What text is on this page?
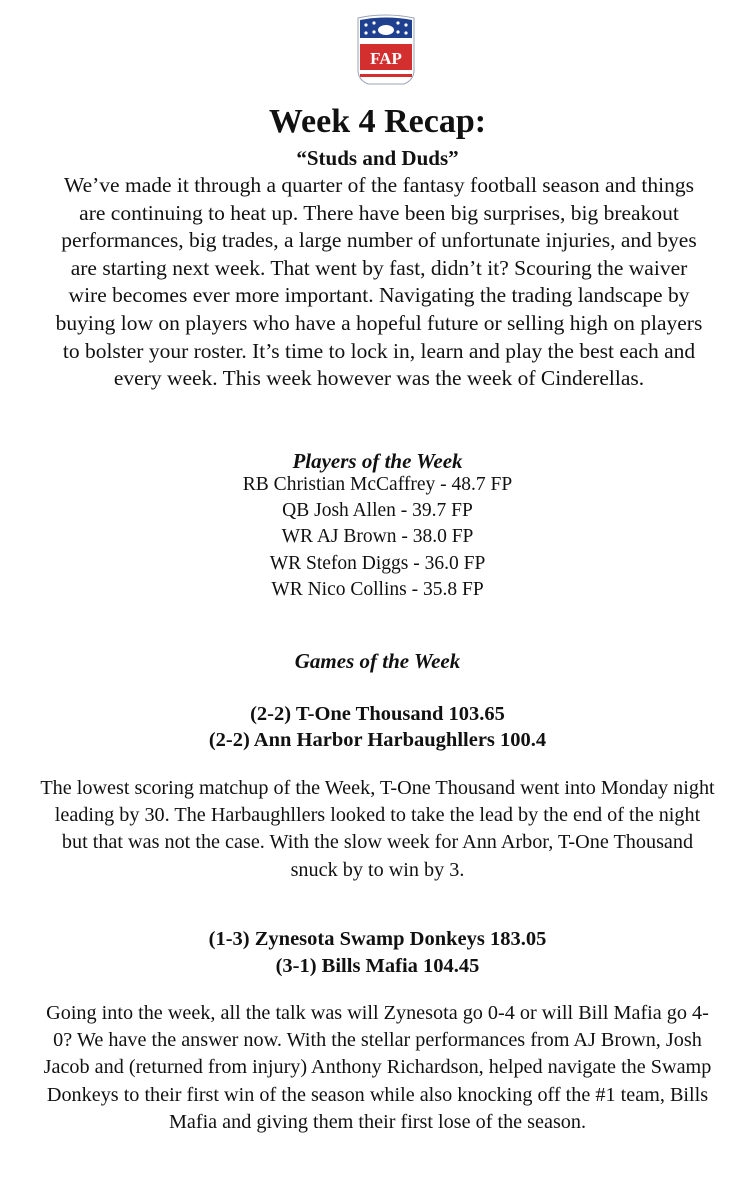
FAP
Week 4 Recap:
“Studs and Duds”
We’ve made it through a quarter of the fantasy football season and things are continuing to heat up. There have been big surprises, big breakout performances, big trades, a large number of unfortunate injuries, and byes are starting next week. That went by fast, didn’t it? Scouring the waiver wire becomes ever more important. Navigating the trading landscape by buying low on players who have a hopeful future or selling high on players to bolster your roster. It’s time to lock in, learn and play the best each and every week. This week however was the week of Cinderellas.
Players of the Week
RB Christian McCaffrey - 48.7 FP
QB Josh Allen - 39.7 FP
WR AJ Brown - 38.0 FP
WR Stefon Diggs - 36.0 FP
WR Nico Collins - 35.8 FP
Games of the Week
(2-2) T-One Thousand 103.65
(2-2) Ann Harbor Harbaughllers 100.4
The lowest scoring matchup of the Week, T-One Thousand went into Monday night leading by 30. The Harbaughllers looked to take the lead by the end of the night but that was not the case. With the slow week for Ann Arbor, T-One Thousand snuck by to win by 3.
(1-3) Zynesota Swamp Donkeys 183.05
(3-1) Bills Mafia 104.45
Going into the week, all the talk was will Zynesota go 0-4 or will Bill Mafia go 4-0? We have the answer now. With the stellar performances from AJ Brown, Josh Jacob and (returned from injury) Anthony Richardson, helped navigate the Swamp Donkeys to their first win of the season while also knocking off the #1 team, Bills Mafia and giving them their first lose of the season.
